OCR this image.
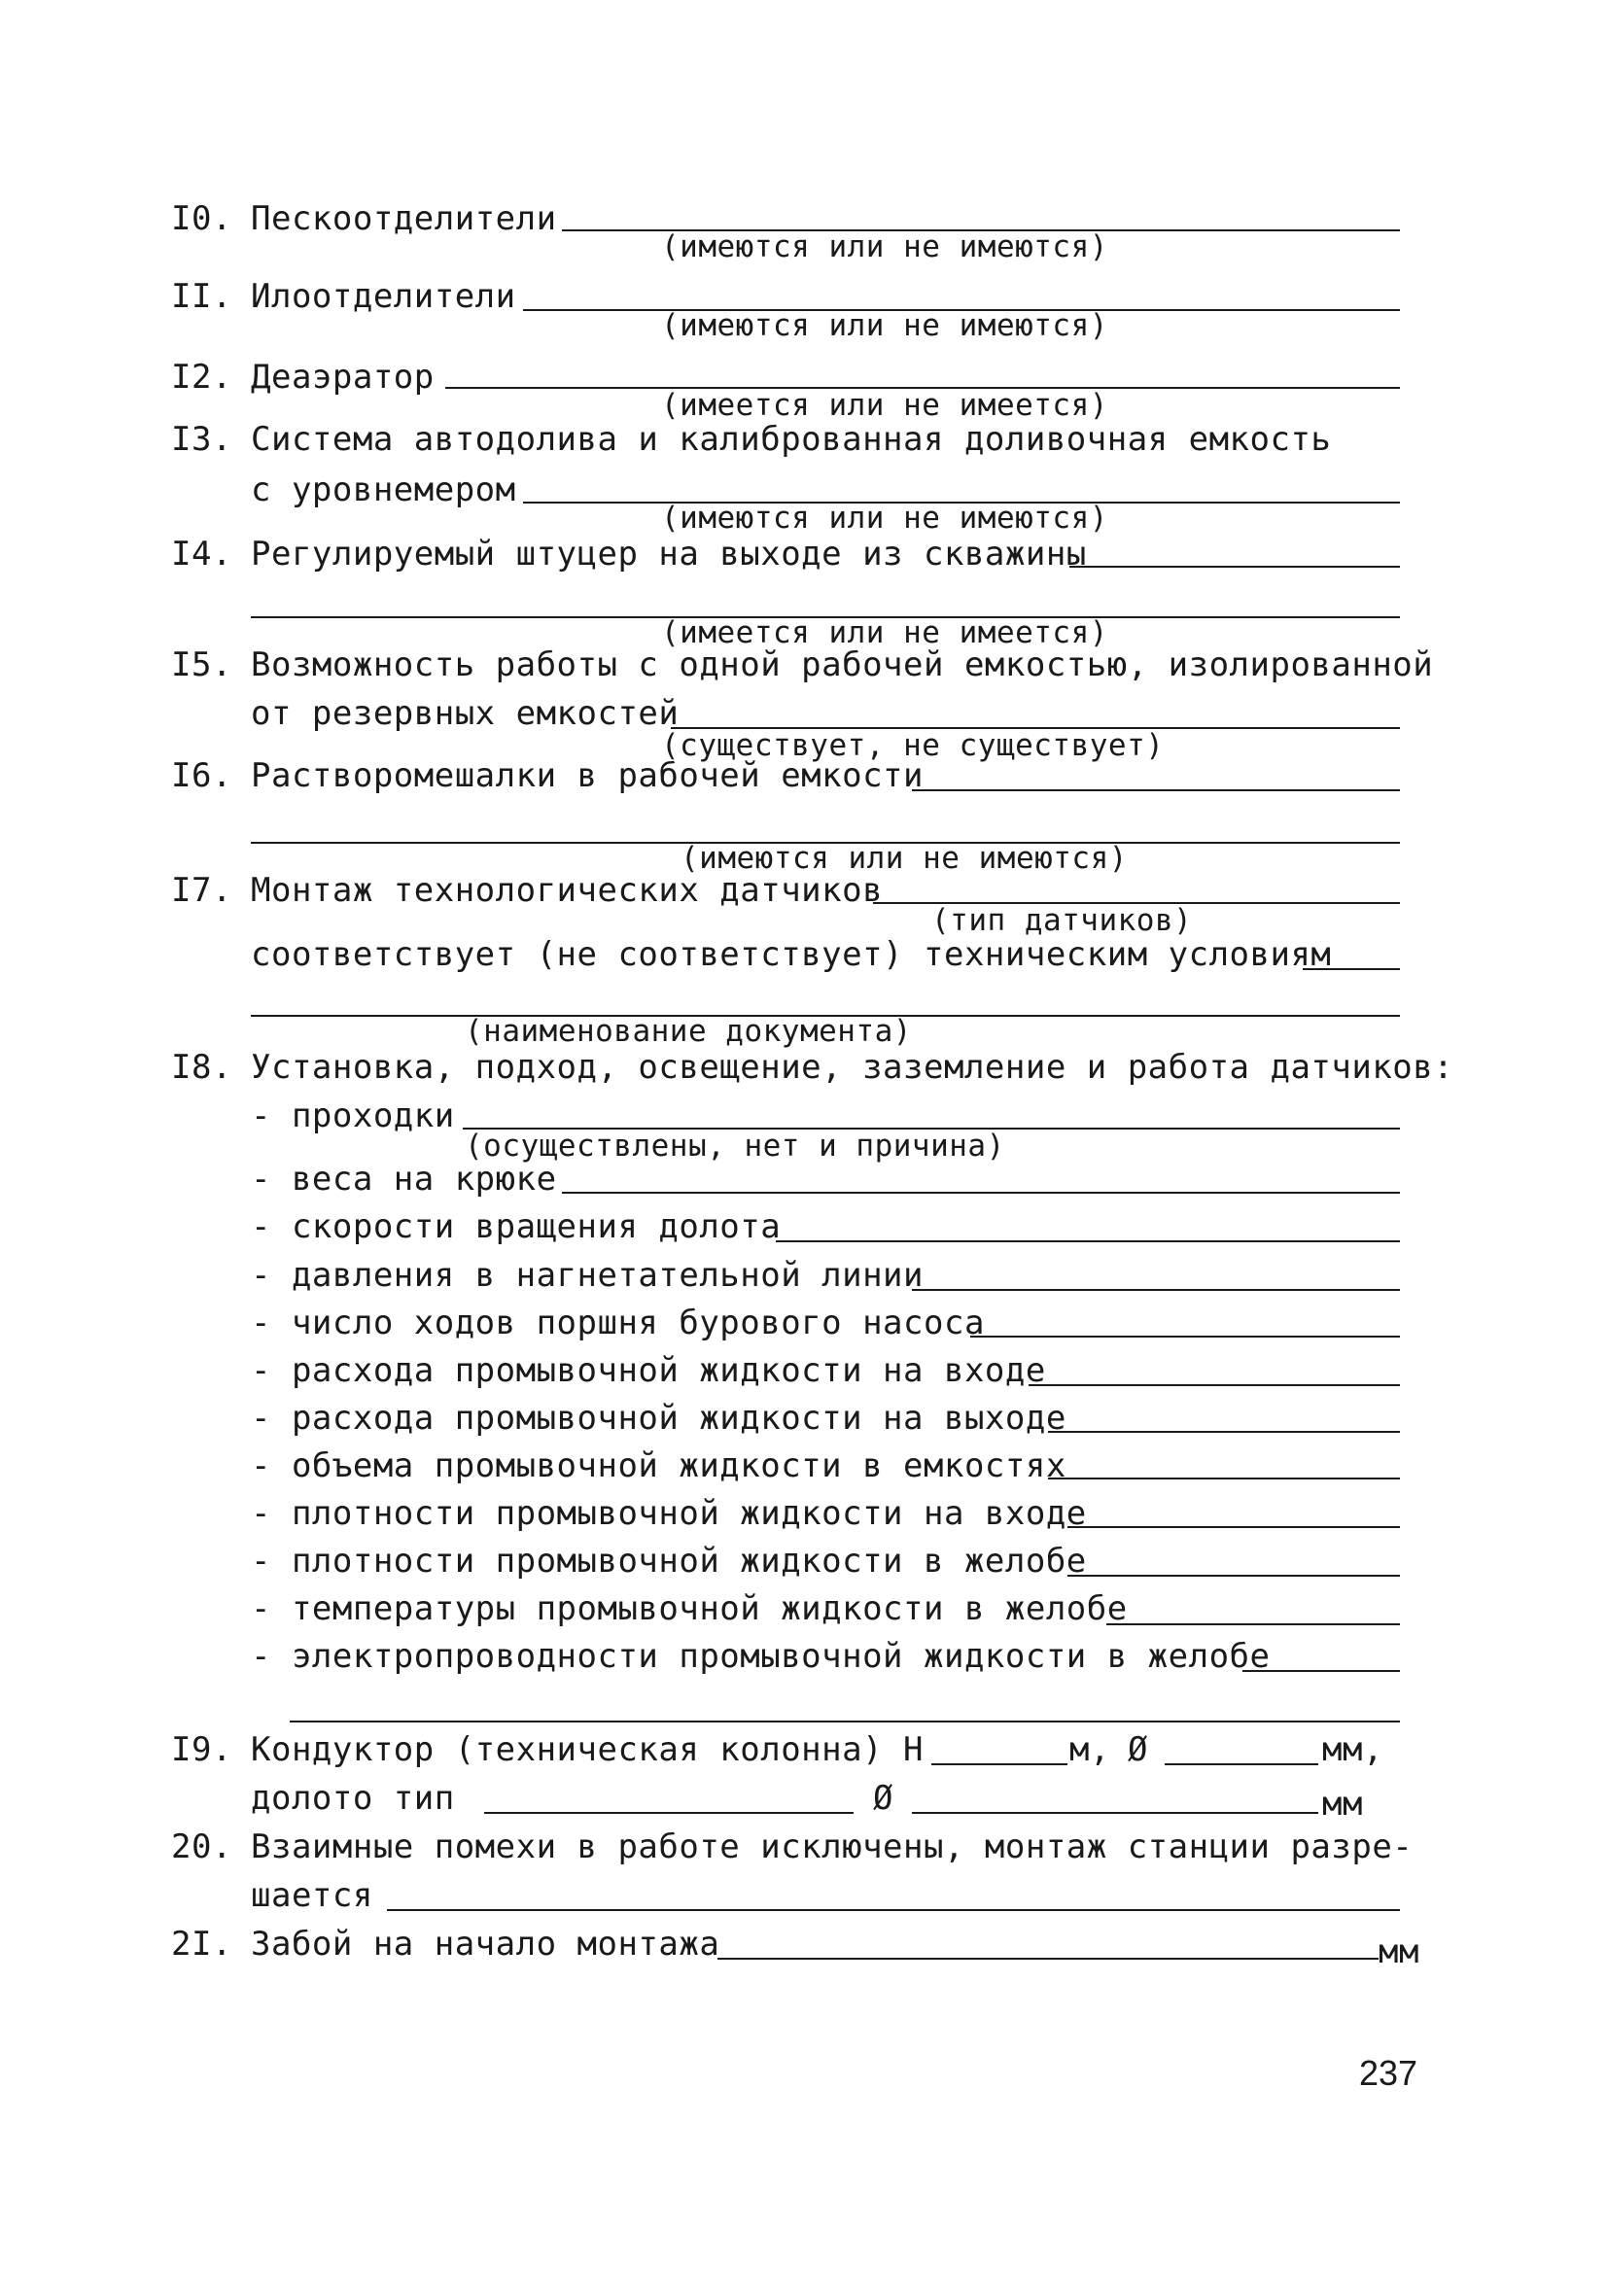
I0. Пескоотделители
(имеются или не имеются)
II. Илоотделители
(имеются или не имеются)
I2. Деаэратор
(имеется или не имеется)
I3. Система автодолива и калиброванная доливочная емкость
с уровнемером
(имеются или не имеются)
I4. Регулируемый штуцер на выходе из скважины
(имеется или не имеется)
I5. Возможность работы с одной рабочей емкостью, изолированной
от резервных емкостей
(существует, не существует)
I6. Растворомешалки в рабочей емкости
(имеются или не имеются)
I7. Монтаж технологических датчиков
(тип датчиков)
соответствует (не соответствует) техническим условиям
(наименование документа)
I8. Установка, подход, освещение, заземление и работа датчиков:
- проходки
(осуществлены, нет и причина)
- веса на крюке
- скорости вращения долота
- давления в нагнетательной линии
- число ходов поршня бурового насоса
- расхода промывочной жидкости на входе
- расхода промывочной жидкости на выходе
- объема промывочной жидкости в емкостях
- плотности промывочной жидкости на входе
- плотности промывочной жидкости в желобе
- температуры промывочной жидкости в желобе
- электропроводности промывочной жидкости в желобе
I9. Кондуктор (техническая колонна) Н	м, Ø	мм,
долото тип	Ø	мм
20. Взаимные помехи в работе исключены, монтаж станции разре-
шается
2I. Забой на начало монтажа	мм
237
